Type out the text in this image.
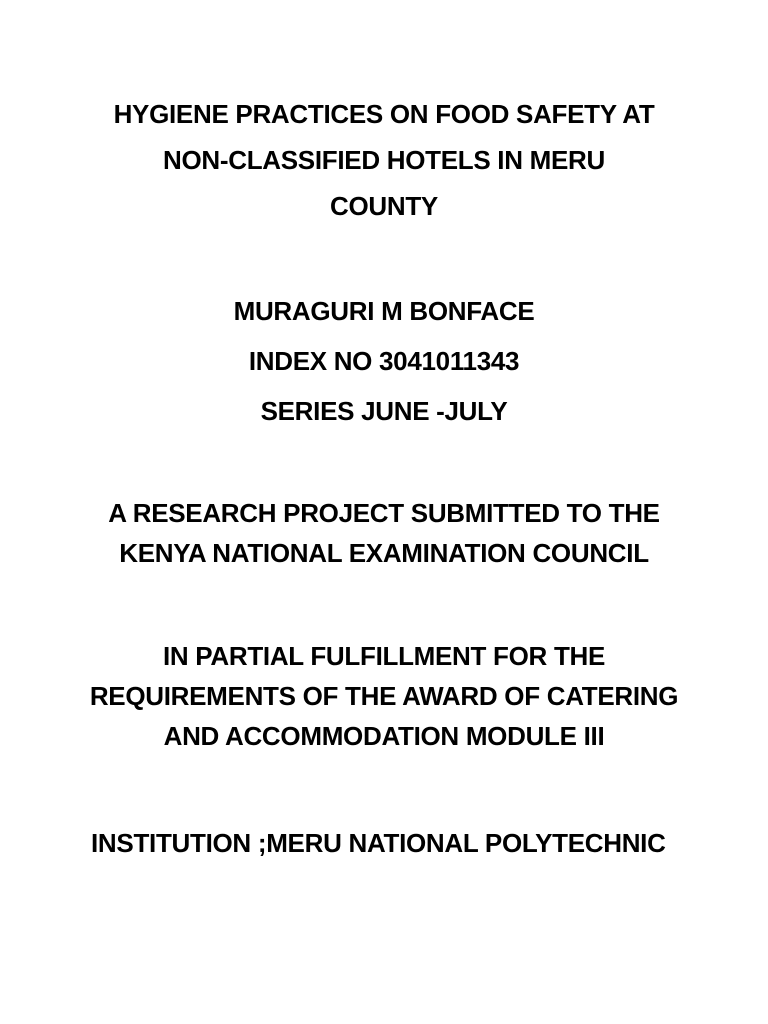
HYGIENE PRACTICES ON FOOD SAFETY AT
NON-CLASSIFIED HOTELS IN MERU
COUNTY
MURAGURI M BONFACE
INDEX NO 3041011343
SERIES JUNE -JULY
A RESEARCH PROJECT SUBMITTED TO THE
KENYA NATIONAL EXAMINATION COUNCIL
IN PARTIAL FULFILLMENT FOR THE
REQUIREMENTS OF THE AWARD OF CATERING
AND ACCOMMODATION MODULE III
INSTITUTION ;MERU NATIONAL POLYTECHNIC
